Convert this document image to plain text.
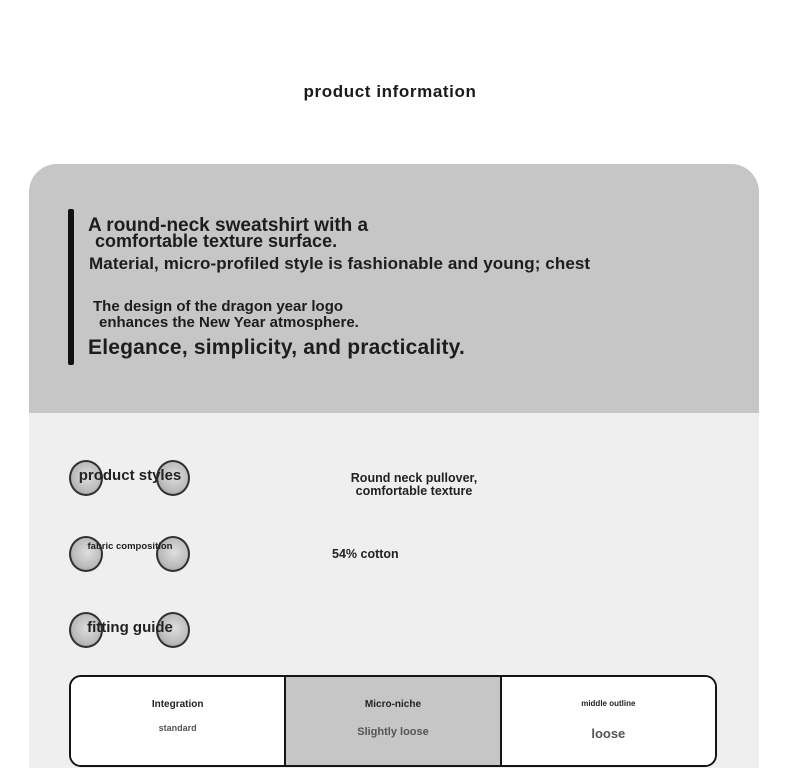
product information
A round-neck sweatshirt with a
comfortable texture surface.
Material, micro-profiled style is fashionable and young; chest
The design of the dragon year logo
enhances the New Year atmosphere.
Elegance, simplicity, and practicality.
product styles	Round neck pullover,
comfortable texture
fabric composition
54% cotton
fitting guide
Integration
standard
Micro-niche
Slightly loose
middle outline
loose
